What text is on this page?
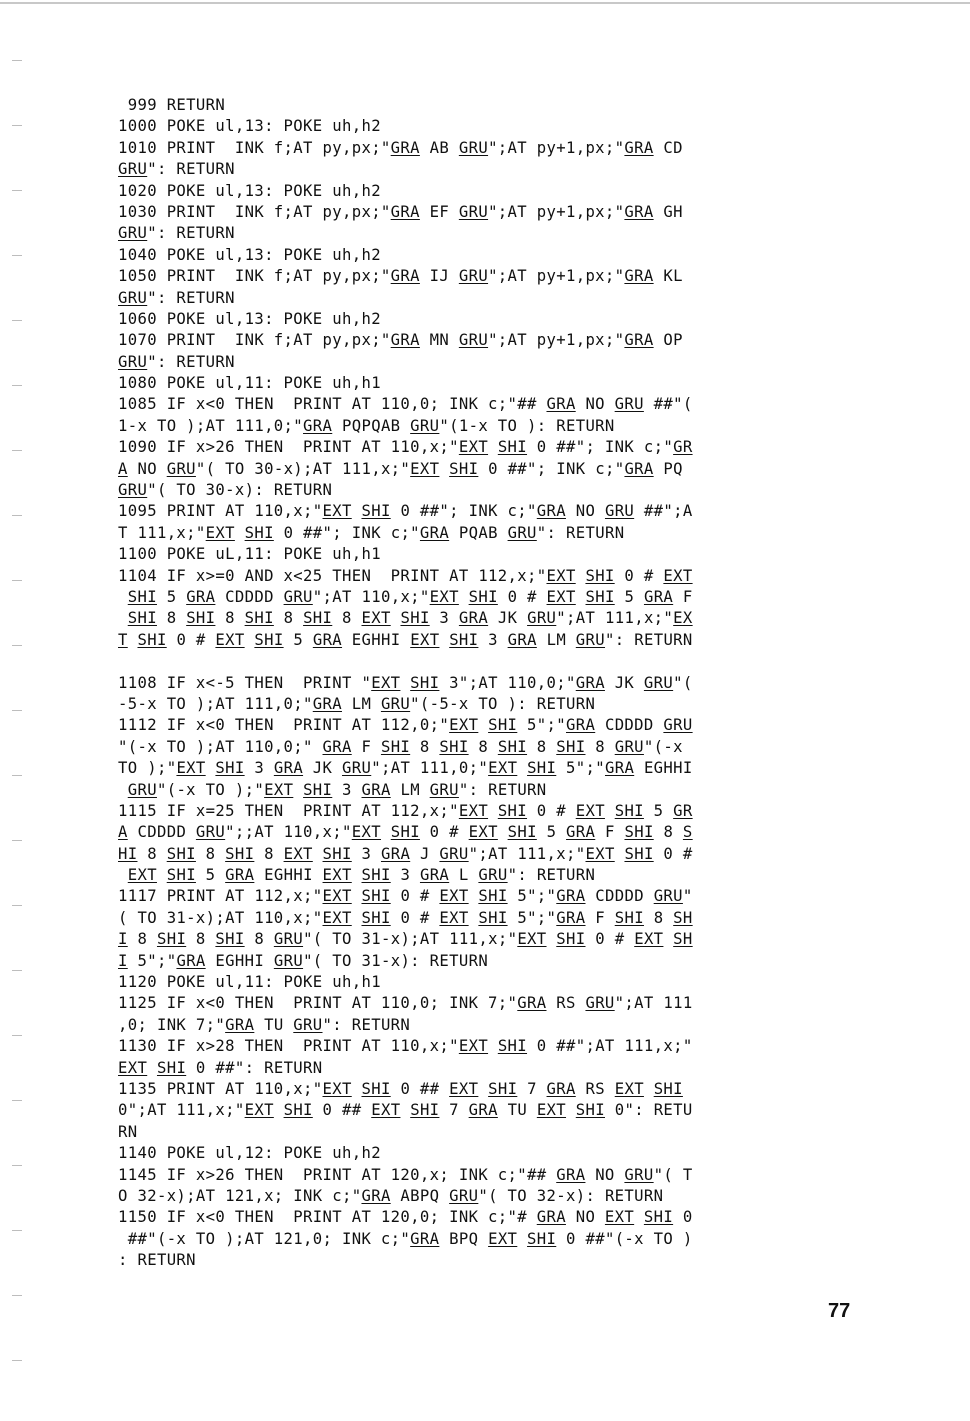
999 RETURN
1000 POKE ul,13: POKE uh,h2
1010 PRINT  INK f;AT py,px;"GRA AB GRU";AT py+1,px;"GRA CD
GRU": RETURN
1020 POKE ul,13: POKE uh,h2
1030 PRINT  INK f;AT py,px;"GRA EF GRU";AT py+1,px;"GRA GH
GRU": RETURN
1040 POKE ul,13: POKE uh,h2
1050 PRINT  INK f;AT py,px;"GRA IJ GRU";AT py+1,px;"GRA KL
GRU": RETURN
1060 POKE ul,13: POKE uh,h2
1070 PRINT  INK f;AT py,px;"GRA MN GRU";AT py+1,px;"GRA OP
GRU": RETURN
1080 POKE ul,11: POKE uh,h1
1085 IF x<0 THEN  PRINT AT 110,0; INK c;"## GRA NO GRU ##"(
1-x TO );AT 111,0;"GRA PQPQAB GRU"(1-x TO ): RETURN
1090 IF x>26 THEN  PRINT AT 110,x;"EXT SHI 0 ##"; INK c;"GR
A NO GRU"( TO 30-x);AT 111,x;"EXT SHI 0 ##"; INK c;"GRA PQ
GRU"( TO 30-x): RETURN
1095 PRINT AT 110,x;"EXT SHI 0 ##"; INK c;"GRA NO GRU ##";A
T 111,x;"EXT SHI 0 ##"; INK c;"GRA PQAB GRU": RETURN
1100 POKE uL,11: POKE uh,h1
1104 IF x>=0 AND x<25 THEN  PRINT AT 112,x;"EXT SHI 0 # EXT
SHI 5 GRA CDDDD GRU";AT 110,x;"EXT SHI 0 # EXT SHI 5 GRA F
SHI 8 SHI 8 SHI 8 SHI 8 EXT SHI 3 GRA JK GRU";AT 111,x;"EX
T SHI 0 # EXT SHI 5 GRA EGHHI EXT SHI 3 GRA LM GRU": RETURN
1108 IF x<-5 THEN  PRINT "EXT SHI 3";AT 110,0;"GRA JK GRU"(
-5-x TO );AT 111,0;"GRA LM GRU"(-5-x TO ): RETURN
1112 IF x<0 THEN  PRINT AT 112,0;"EXT SHI 5";"GRA CDDDD GRU
"(-x TO );AT 110,0;" GRA F SHI 8 SHI 8 SHI 8 SHI 8 GRU"(-x
TO );"EXT SHI 3 GRA JK GRU";AT 111,0;"EXT SHI 5";"GRA EGHHI
GRU"(-x TO );"EXT SHI 3 GRA LM GRU": RETURN
1115 IF x=25 THEN  PRINT AT 112,x;"EXT SHI 0 # EXT SHI 5 GR
A CDDDD GRU";;AT 110,x;"EXT SHI 0 # EXT SHI 5 GRA F SHI 8 S
HI 8 SHI 8 SHI 8 EXT SHI 3 GRA J GRU";AT 111,x;"EXT SHI 0 #
EXT SHI 5 GRA EGHHI EXT SHI 3 GRA L GRU": RETURN
1117 PRINT AT 112,x;"EXT SHI 0 # EXT SHI 5";"GRA CDDDD GRU"
( TO 31-x);AT 110,x;"EXT SHI 0 # EXT SHI 5";"GRA F SHI 8 SH
I 8 SHI 8 SHI 8 GRU"( TO 31-x);AT 111,x;"EXT SHI 0 # EXT SH
I 5";"GRA EGHHI GRU"( TO 31-x): RETURN
1120 POKE ul,11: POKE uh,h1
1125 IF x<0 THEN  PRINT AT 110,0; INK 7;"GRA RS GRU";AT 111
,0; INK 7;"GRA TU GRU": RETURN
1130 IF x>28 THEN  PRINT AT 110,x;"EXT SHI 0 ##";AT 111,x;"
EXT SHI 0 ##": RETURN
1135 PRINT AT 110,x;"EXT SHI 0 ## EXT SHI 7 GRA RS EXT SHI
0";AT 111,x;"EXT SHI 0 ## EXT SHI 7 GRA TU EXT SHI 0": RETU
RN
1140 POKE ul,12: POKE uh,h2
1145 IF x>26 THEN  PRINT AT 120,x; INK c;"## GRA NO GRU"( T
O 32-x);AT 121,x; INK c;"GRA ABPQ GRU"( TO 32-x): RETURN
1150 IF x<0 THEN  PRINT AT 120,0; INK c;"# GRA NO EXT SHI 0
##"(-x TO );AT 121,0; INK c;"GRA BPQ EXT SHI 0 ##"(-x TO )
: RETURN
77
